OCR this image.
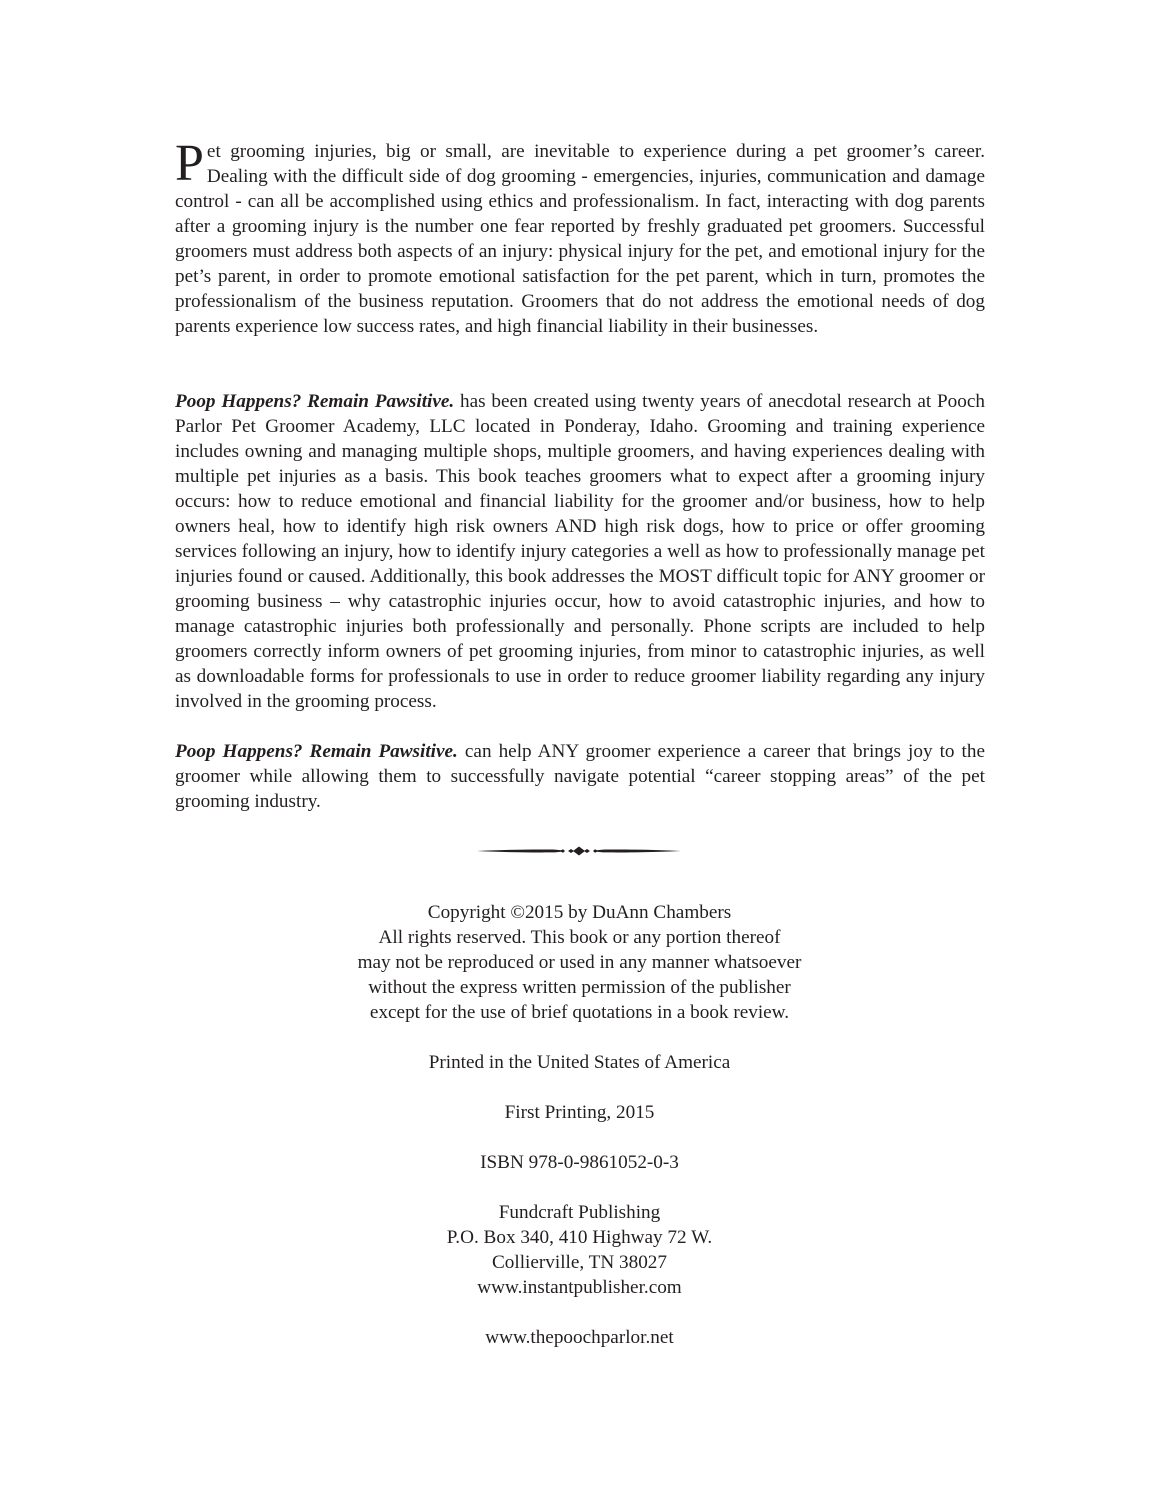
Pet grooming injuries, big or small, are inevitable to experience during a pet groomer’s career. Dealing with the difficult side of dog grooming - emergencies, injuries, communication and damage control - can all be accomplished using ethics and professionalism. In fact, interacting with dog parents after a grooming injury is the number one fear reported by freshly graduated pet groomers. Successful groomers must address both aspects of an injury: physical injury for the pet, and emotional injury for the pet’s parent, in order to promote emotional satisfaction for the pet parent, which in turn, promotes the professionalism of the business reputation. Groomers that do not address the emotional needs of dog parents experience low success rates, and high financial liability in their businesses.

Poop Happens? Remain Pawsitive. has been created using twenty years of anecdotal research at Pooch Parlor Pet Groomer Academy, LLC located in Ponderay, Idaho. Grooming and training experience includes owning and managing multiple shops, multiple groomers, and having experiences dealing with multiple pet injuries as a basis. This book teaches groomers what to expect after a grooming injury occurs: how to reduce emotional and financial liability for the groomer and/or business, how to help owners heal, how to identify high risk owners AND high risk dogs, how to price or offer grooming services following an injury, how to identify injury categories a well as how to professionally manage pet injuries found or caused. Additionally, this book addresses the MOST difficult topic for ANY groomer or grooming business – why catastrophic injuries occur, how to avoid catastrophic injuries, and how to manage catastrophic injuries both professionally and personally. Phone scripts are included to help groomers correctly inform owners of pet grooming injuries, from minor to catastrophic injuries, as well as downloadable forms for professionals to use in order to reduce groomer liability regarding any injury involved in the grooming process.

Poop Happens? Remain Pawsitive. can help ANY groomer experience a career that brings joy to the groomer while allowing them to successfully navigate potential “career stopping areas” of the pet grooming industry.

Copyright ©2015 by DuAnn Chambers
All rights reserved. This book or any portion thereof
may not be reproduced or used in any manner whatsoever
without the express written permission of the publisher
except for the use of brief quotations in a book review.
Printed in the United States of America
First Printing, 2015
ISBN 978-0-9861052-0-3
Fundcraft Publishing
P.O. Box 340, 410 Highway 72 W.
Collierville, TN 38027
www.instantpublisher.com
www.thepoochparlor.net
